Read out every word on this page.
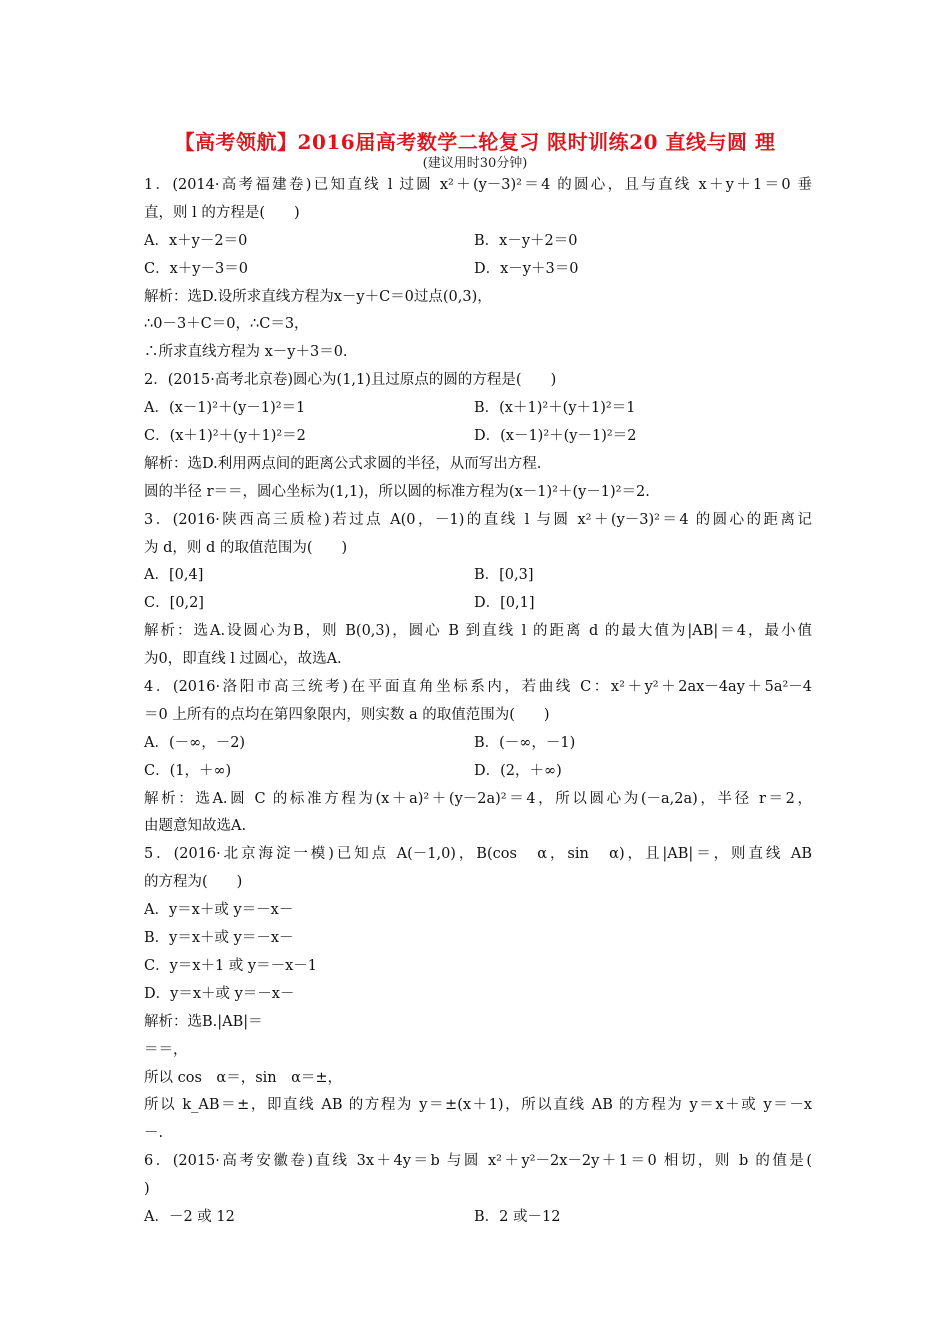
【高考领航】2016届高考数学二轮复习 限时训练20 直线与圆 理
(建议用时30分钟)
1．(2014·高考福建卷)已知直线 l 过圆 x²＋(y－3)²＝4 的圆心，且与直线 x＋y＋1＝0 垂
直，则 l 的方程是(　　)
A．x＋y－2＝0	B．x－y＋2＝0
C．x＋y－3＝0	D．x－y＋3＝0
解析：选D.设所求直线方程为x－y＋C＝0过点(0,3)，
∴0－3＋C＝0，∴C＝3，
∴所求直线方程为 x－y＋3＝0.
2．(2015·高考北京卷)圆心为(1,1)且过原点的圆的方程是(　　)
A．(x－1)²＋(y－1)²＝1	B．(x＋1)²＋(y＋1)²＝1
C．(x＋1)²＋(y＋1)²＝2	D．(x－1)²＋(y－1)²＝2
解析：选D.利用两点间的距离公式求圆的半径，从而写出方程.
圆的半径 r＝＝，圆心坐标为(1,1)，所以圆的标准方程为(x－1)²＋(y－1)²＝2.
3．(2016·陕西高三质检)若过点 A(0，－1)的直线 l 与圆 x²＋(y－3)²＝4 的圆心的距离记
为 d，则 d 的取值范围为(　　)
A．[0,4]	B．[0,3]
C．[0,2]	D．[0,1]
解析：选A.设圆心为B，则 B(0,3)，圆心 B 到直线 l 的距离 d 的最大值为|AB|＝4，最小值
为0，即直线 l 过圆心，故选A.
4．(2016·洛阳市高三统考)在平面直角坐标系内，若曲线 C：x²＋y²＋2ax－4ay＋5a²－4
＝0 上所有的点均在第四象限内，则实数 a 的取值范围为(　　)
A．(－∞，－2)	B．(－∞，－1)
C．(1，＋∞)	D．(2，＋∞)
解析：选A.圆 C 的标准方程为(x＋a)²＋(y－2a)²＝4，所以圆心为(－a,2a)，半径 r＝2，
由题意知故选A.
5．(2016·北京海淀一模)已知点 A(－1,0)，B(cos　α，sin　α)，且|AB|＝，则直线 AB
的方程为(　　)
A．y＝x＋或 y＝－x－
B．y＝x＋或 y＝－x－
C．y＝x＋1 或 y＝－x－1
D．y＝x＋或 y＝－x－
解析：选B.|AB|＝
＝＝，
所以 cos　α＝，sin　α＝±，
所以 k_AB＝±，即直线 AB 的方程为 y＝±(x＋1)，所以直线 AB 的方程为 y＝x＋或 y＝－x
－.
6．(2015·高考安徽卷)直线 3x＋4y＝b 与圆 x²＋y²－2x－2y＋1＝0 相切，则 b 的值是(
)
A．－2 或 12	B．2 或－12
